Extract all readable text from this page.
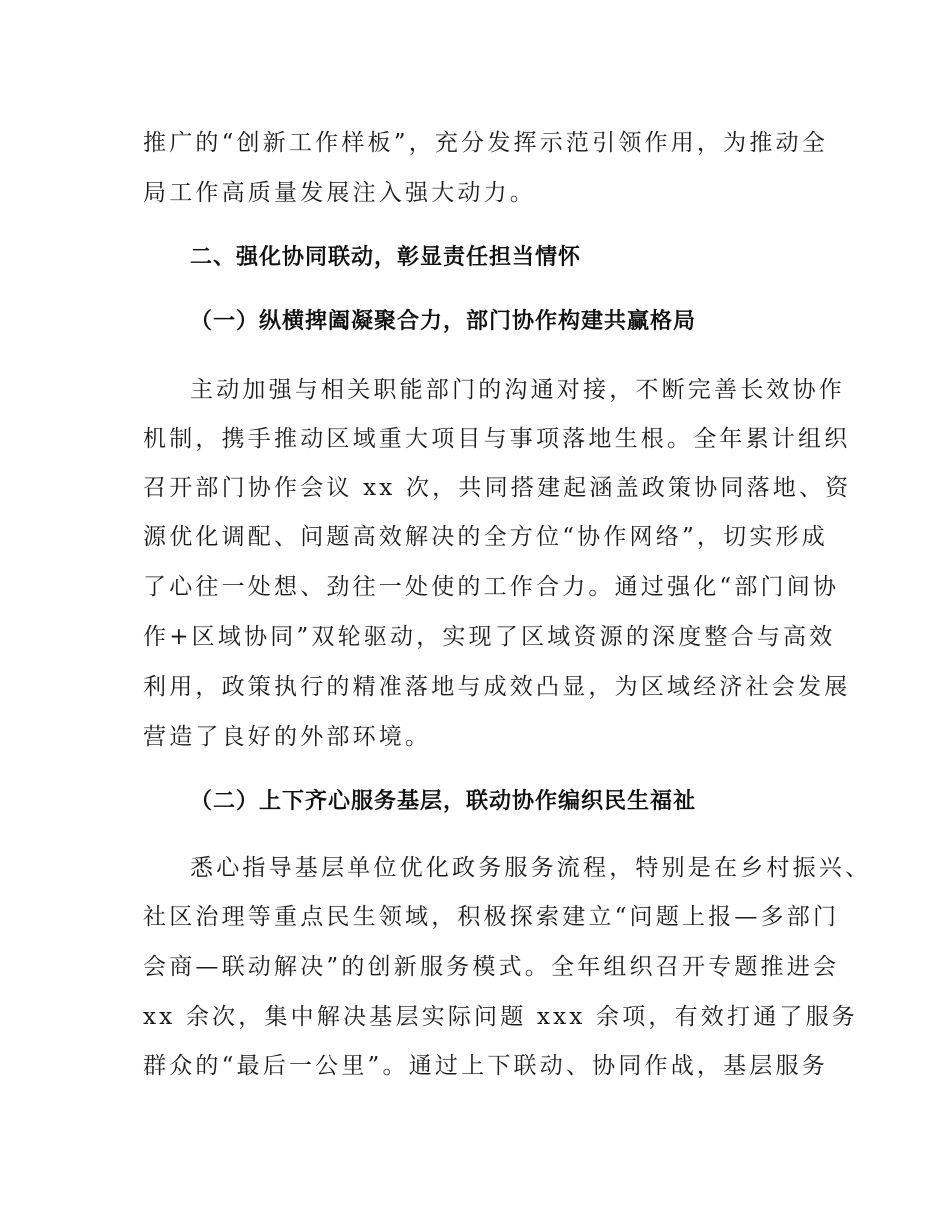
推广的“创新工作样板”，充分发挥示范引领作用，为推动全
局工作高质量发展注入强大动力。
二、强化协同联动，彰显责任担当情怀
（一）纵横捭阖凝聚合力，部门协作构建共赢格局
主动加强与相关职能部门的沟通对接，不断完善长效协作
机制，携手推动区域重大项目与事项落地生根。全年累计组织
召开部门协作会议 xx 次，共同搭建起涵盖政策协同落地、资
源优化调配、问题高效解决的全方位“协作网络”，切实形成
了心往一处想、劲往一处使的工作合力。通过强化“部门间协
作+区域协同”双轮驱动，实现了区域资源的深度整合与高效
利用，政策执行的精准落地与成效凸显，为区域经济社会发展
营造了良好的外部环境。
（二）上下齐心服务基层，联动协作编织民生福祉
悉心指导基层单位优化政务服务流程，特别是在乡村振兴、
社区治理等重点民生领域，积极探索建立“问题上报—多部门
会商—联动解决”的创新服务模式。全年组织召开专题推进会
xx 余次，集中解决基层实际问题 xxx 余项，有效打通了服务
群众的“最后一公里”。通过上下联动、协同作战，基层服务
